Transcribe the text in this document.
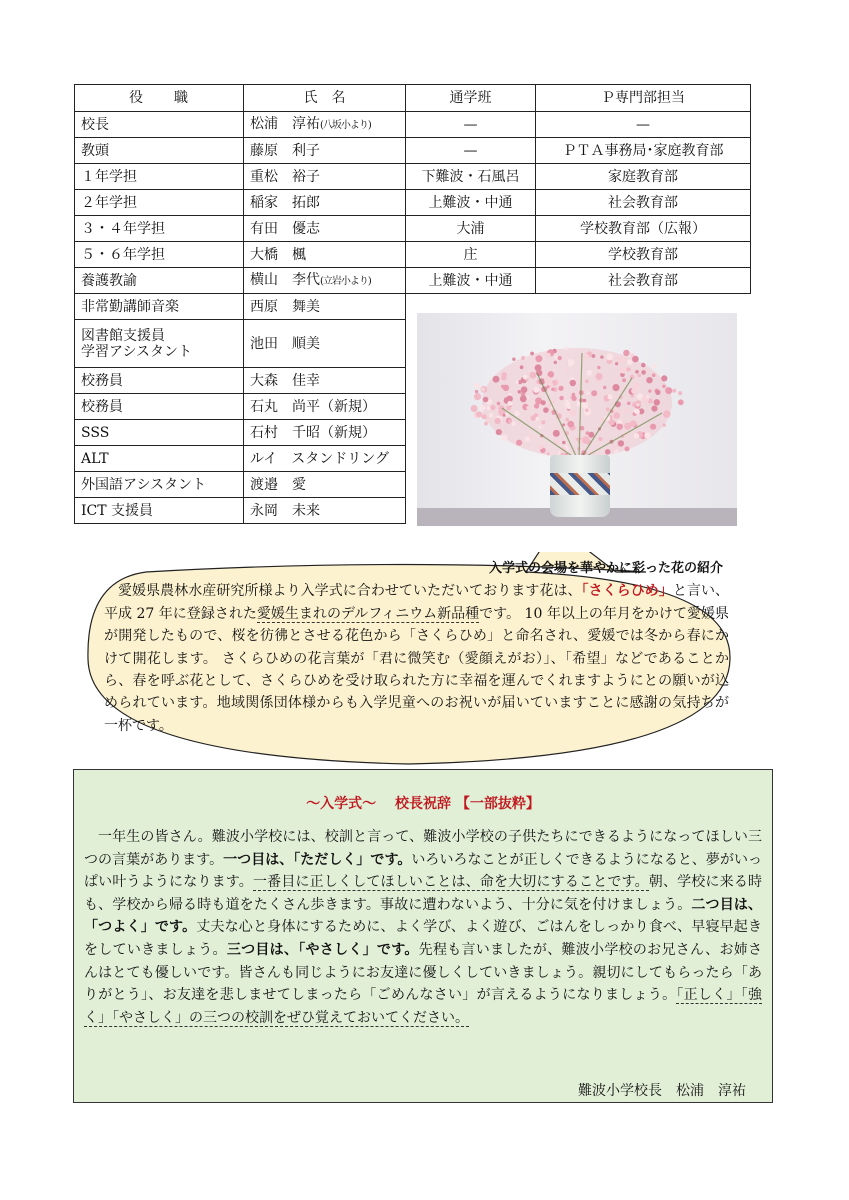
役　　職	氏　名	通学班	Ｐ専門部担当
校長	松浦　淳祐(八坂小より)	—	—
教頭	藤原　利子	—	ＰＴＡ事務局･家庭教育部
１年学担	重松　裕子	下難波・石風呂	家庭教育部
２年学担	稲家　拓郎	上難波・中通	社会教育部
３・４年学担	有田　優志	大浦	学校教育部（広報）
５・６年学担	大橋　楓	庄	学校教育部
養護教諭	横山　李代(立岩小より)	上難波・中通	社会教育部
非常勤講師音楽	西原　舞美		

図書館支援員
学習アシスタント	池田　順美		
校務員	大森　佳幸		
校務員	石丸　尚平（新規）		
SSS	石村　千昭（新規）		
ALT	ルイ　スタンドリング		
外国語アシスタント	渡邉　愛		
ICT 支援員	永岡　未来		
入学式の会場を華やかに彩った花の紹介

愛媛県農林水産研究所様より入学式に合わせていただいております花は、「さくらひめ」と言い、平成 27 年に登録された愛媛生まれのデルフィニウム新品種です。 10 年以上の年月をかけて愛媛県が開発したもので、桜を彷彿とさせる花色から「さくらひめ」と命名され、愛媛では冬から春にかけて開花します。 さくらひめの花言葉が「君に微笑む（愛顔えがお）」、「希望」などであることから、春を呼ぶ花として、さくらひめを受け取られた方に幸福を運んでくれますようにとの願いが込められています。地域関係団体様からも入学児童へのお祝いが届いていますことに感謝の気持ちが一杯です。

～入学式～　 校長祝辞 【一部抜粋】
一年生の皆さん。難波小学校には、校訓と言って、難波小学校の子供たちにできるようになってほしい三つの言葉があります。一つ目は、「ただしく」です。いろいろなことが正しくできるようになると、夢がいっぱい叶うようになります。一番目に正しくしてほしいことは、命を大切にすることです。朝、学校に来る時も、学校から帰る時も道をたくさん歩きます。事故に遭わないよう、十分に気を付けましょう。二つ目は、「つよく」です。丈夫な心と身体にするために、よく学び、よく遊び、ごはんをしっかり食べ、早寝早起きをしていきましょう。三つ目は、「やさしく」です。先程も言いましたが、難波小学校のお兄さん、お姉さんはとても優しいです。皆さんも同じようにお友達に優しくしていきましょう。親切にしてもらったら「ありがとう」、お友達を悲しませてしまったら「ごめんなさい」が言えるようになりましょう。「正しく」「強く」「やさしく」の三つの校訓をぜひ覚えておいてください。
難波小学校長　松浦　淳祐
